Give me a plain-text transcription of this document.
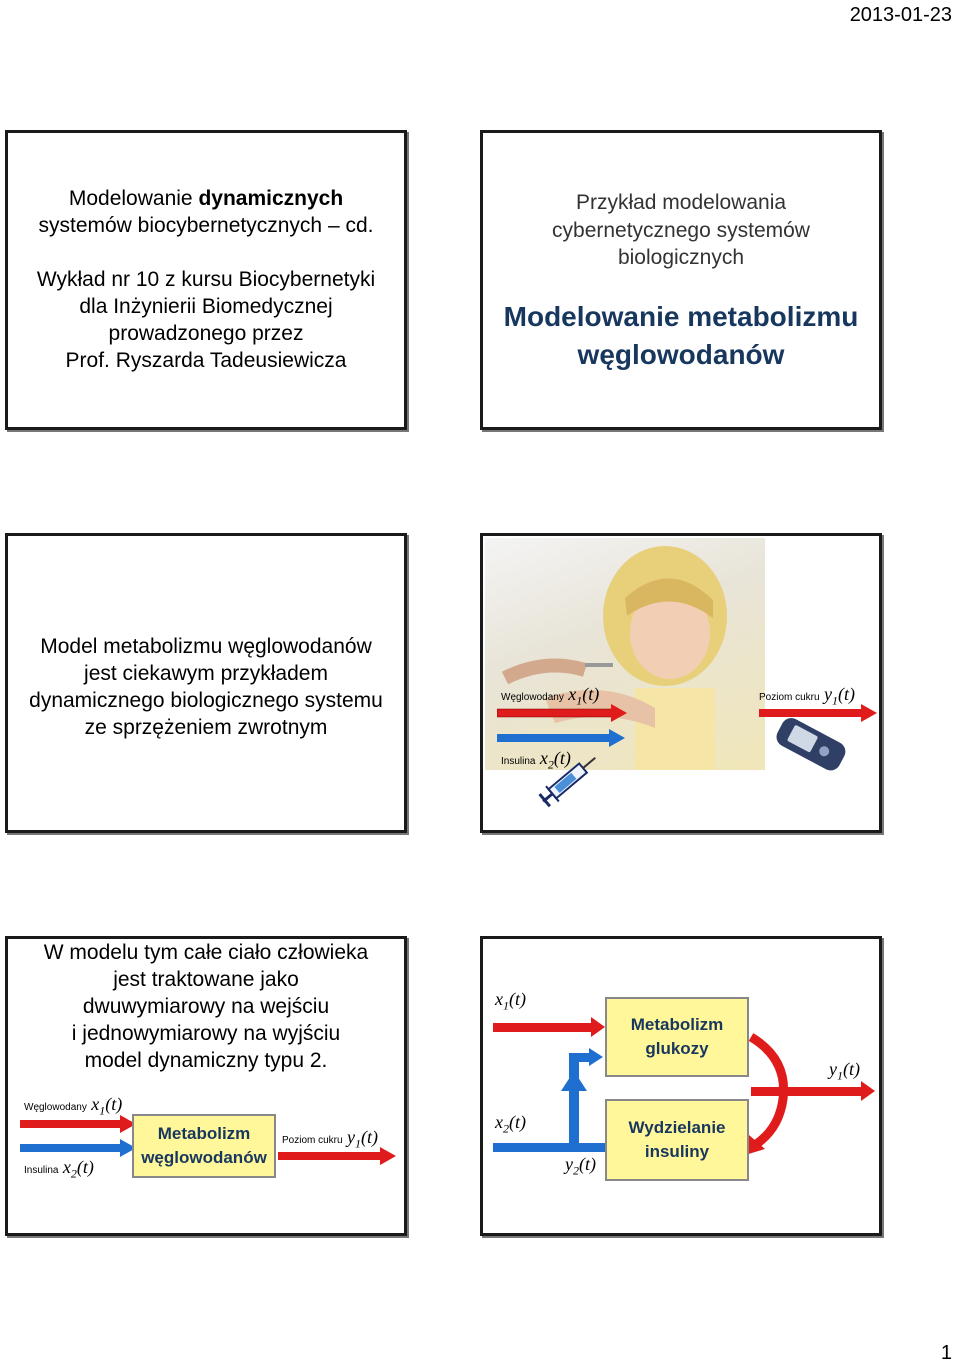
2013-01-23
Modelowanie dynamicznych
systemów biocybernetycznych – cd.
Wykład nr 10 z kursu Biocybernetyki
dla Inżynierii Biomedycznej
prowadzonego przez
Prof. Ryszarda Tadeusiewicza
Przykład modelowania
cybernetycznego systemów
biologicznych
Modelowanie metabolizmu
węglowodanów
Model metabolizmu węglowodanów
jest ciekawym przykładem
dynamicznego biologicznego systemu
ze sprzężeniem zwrotnym
Węglowodany $x_1(t)$	Poziom cukru $y_1(t)$
Insulina $x_2(t)$
W modelu tym całe ciało człowieka
jest traktowane jako
dwuwymiarowy na wejściu
i jednowymiarowy na wyjściu
model dynamiczny typu 2.
Węglowodany $x_1(t)$
Insulina $x_2(t)$
Metabolizm
węglowodanów
Poziom cukru $y_1(t)$
$x_1(t)$
$x_2(t)$
$y_1(t)$
$y_2(t)$
Metabolizm
glukozy
Wydzielanie
insuliny
1
